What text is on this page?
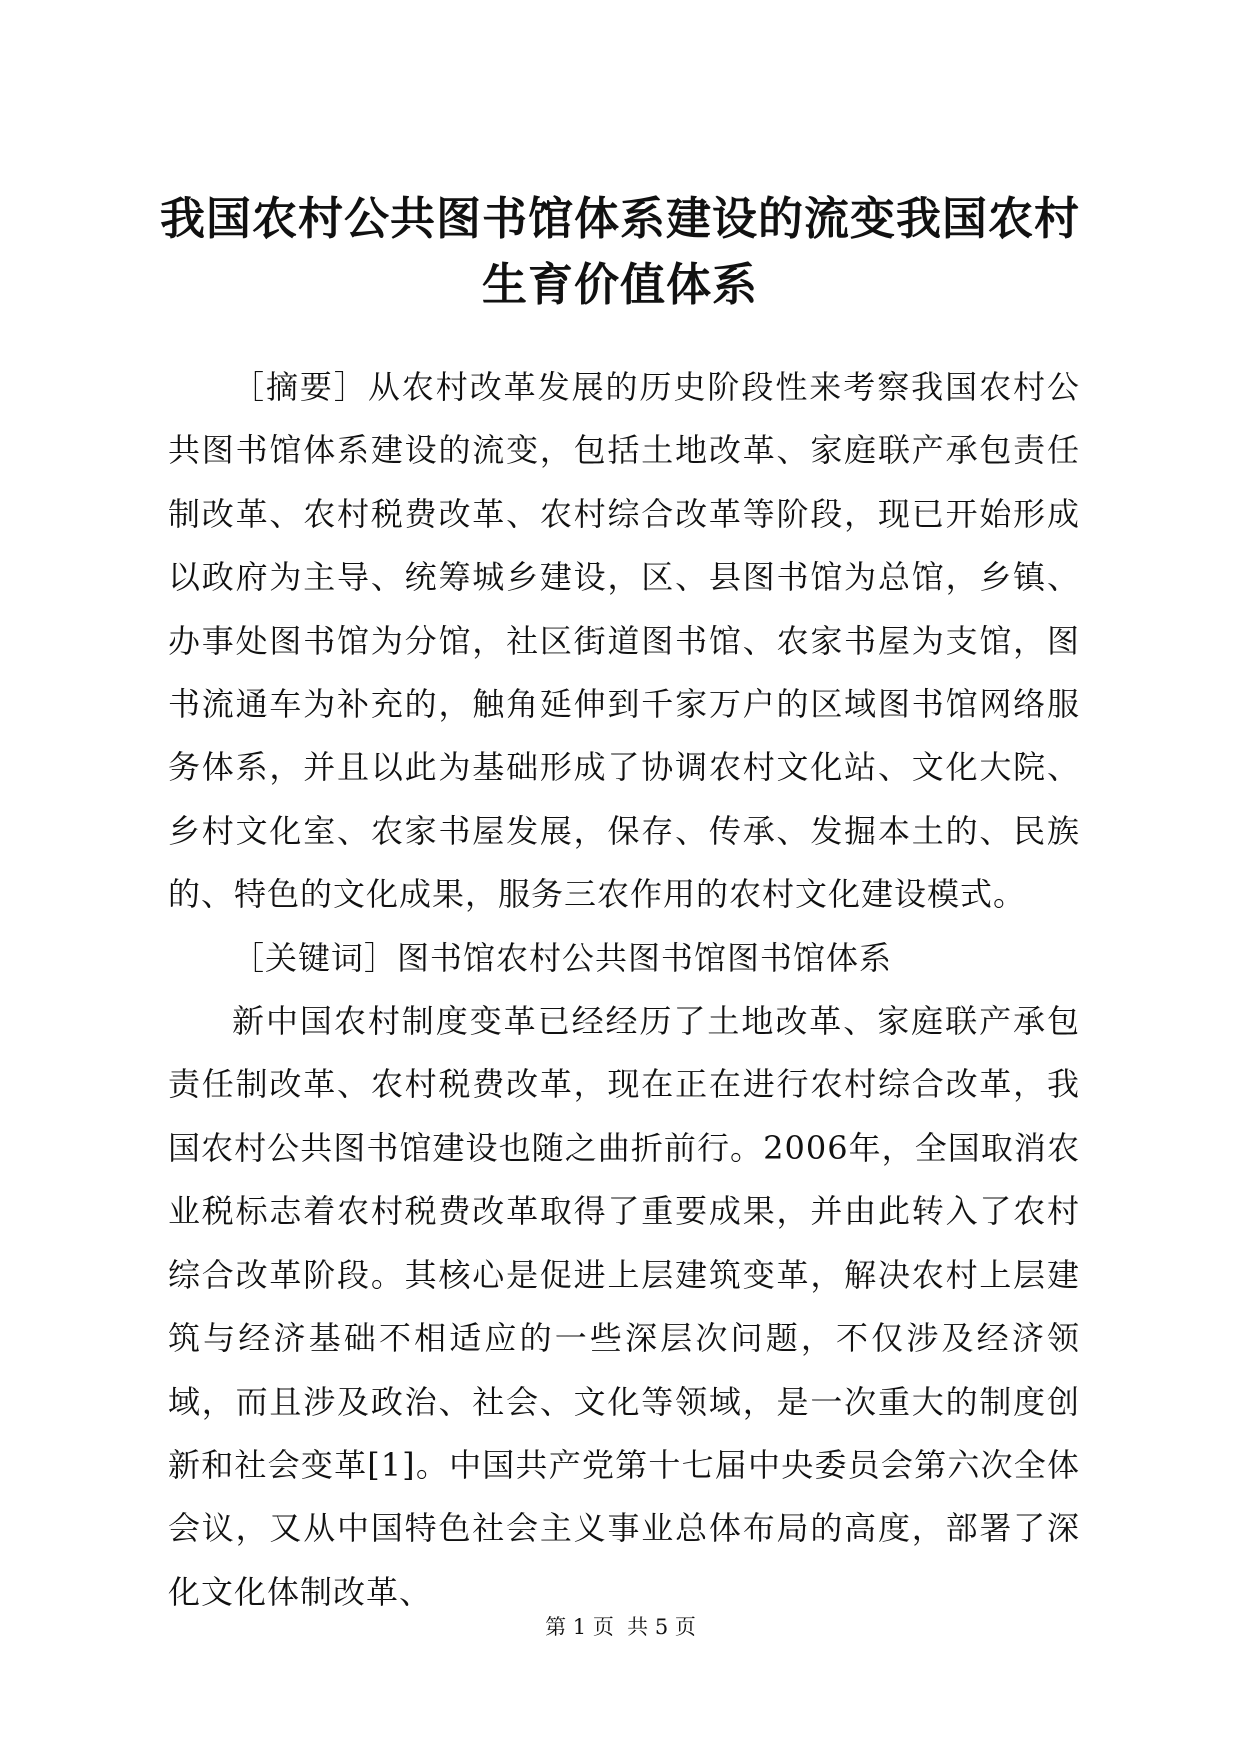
我国农村公共图书馆体系建设的流变我国农村生育价值体系

［摘要］从农村改革发展的历史阶段性来考察我国农村公共图书馆体系建设的流变，包括土地改革、家庭联产承包责任制改革、农村税费改革、农村综合改革等阶段，现已开始形成以政府为主导、统筹城乡建设，区、县图书馆为总馆，乡镇、办事处图书馆为分馆，社区街道图书馆、农家书屋为支馆，图书流通车为补充的，触角延伸到千家万户的区域图书馆网络服务体系，并且以此为基础形成了协调农村文化站、文化大院、乡村文化室、农家书屋发展，保存、传承、发掘本土的、民族的、特色的文化成果，服务三农作用的农村文化建设模式。

［关键词］图书馆农村公共图书馆图书馆体系

新中国农村制度变革已经经历了土地改革、家庭联产承包责任制改革、农村税费改革，现在正在进行农村综合改革，我国农村公共图书馆建设也随之曲折前行。2006年，全国取消农业税标志着农村税费改革取得了重要成果，并由此转入了农村综合改革阶段。其核心是促进上层建筑变革，解决农村上层建筑与经济基础不相适应的一些深层次问题，不仅涉及经济领域，而且涉及政治、社会、文化等领域，是一次重大的制度创新和社会变革[1]。中国共产党第十七届中央委员会第六次全体会议，又从中国特色社会主义事业总体布局的高度，部署了深化文化体制改革、

第 1 页  共 5 页
